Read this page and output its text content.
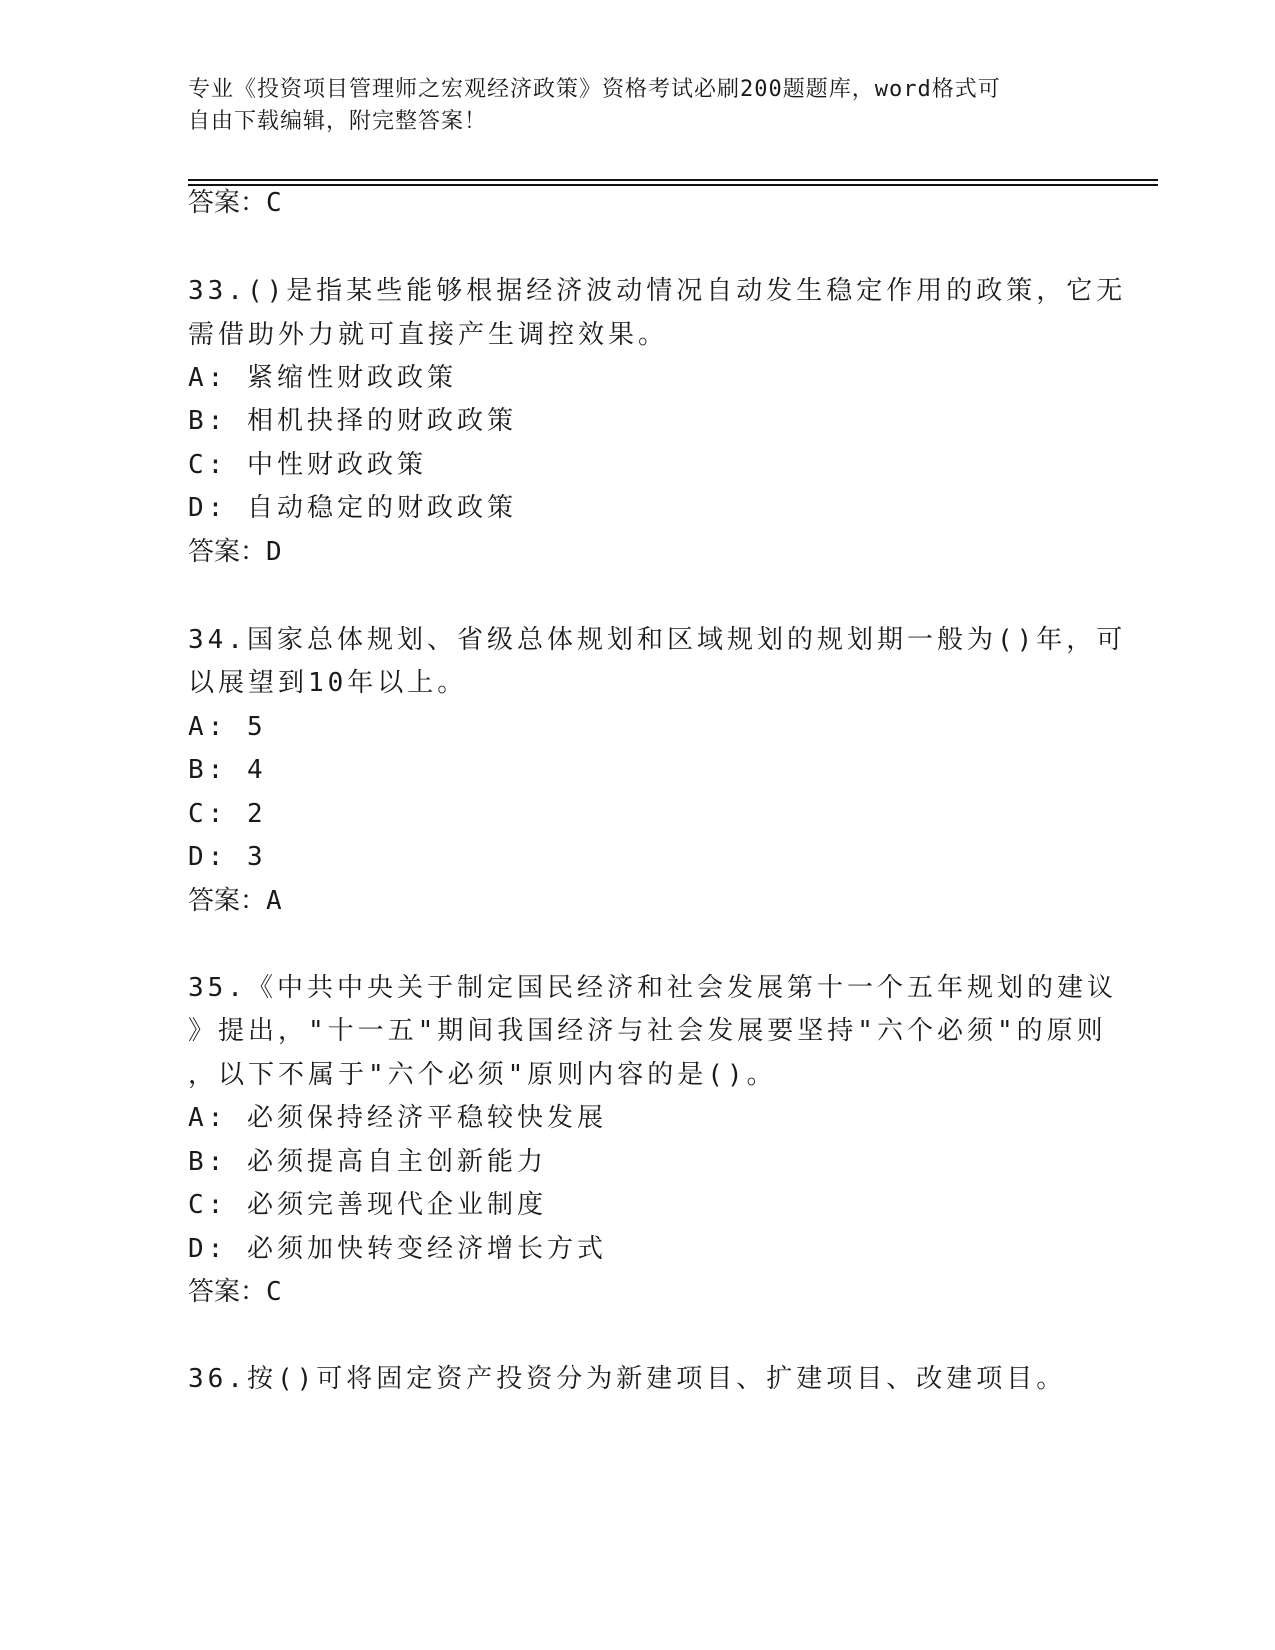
专业《投资项目管理师之宏观经济政策》资格考试必刷200题题库，word格式可
自由下载编辑，附完整答案！
答案：C
33.()是指某些能够根据经济波动情况自动发生稳定作用的政策，它无
需借助外力就可直接产生调控效果。
A: 紧缩性财政政策
B: 相机抉择的财政政策
C: 中性财政政策
D: 自动稳定的财政政策
答案：D
34.国家总体规划、省级总体规划和区域规划的规划期一般为()年，可
以展望到10年以上。
A: 5
B: 4
C: 2
D: 3
答案：A
35.《中共中央关于制定国民经济和社会发展第十一个五年规划的建议
》提出，"十一五"期间我国经济与社会发展要坚持"六个必须"的原则
，以下不属于"六个必须"原则内容的是()。
A: 必须保持经济平稳较快发展
B: 必须提高自主创新能力
C: 必须完善现代企业制度
D: 必须加快转变经济增长方式
答案：C
36.按()可将固定资产投资分为新建项目、扩建项目、改建项目。
